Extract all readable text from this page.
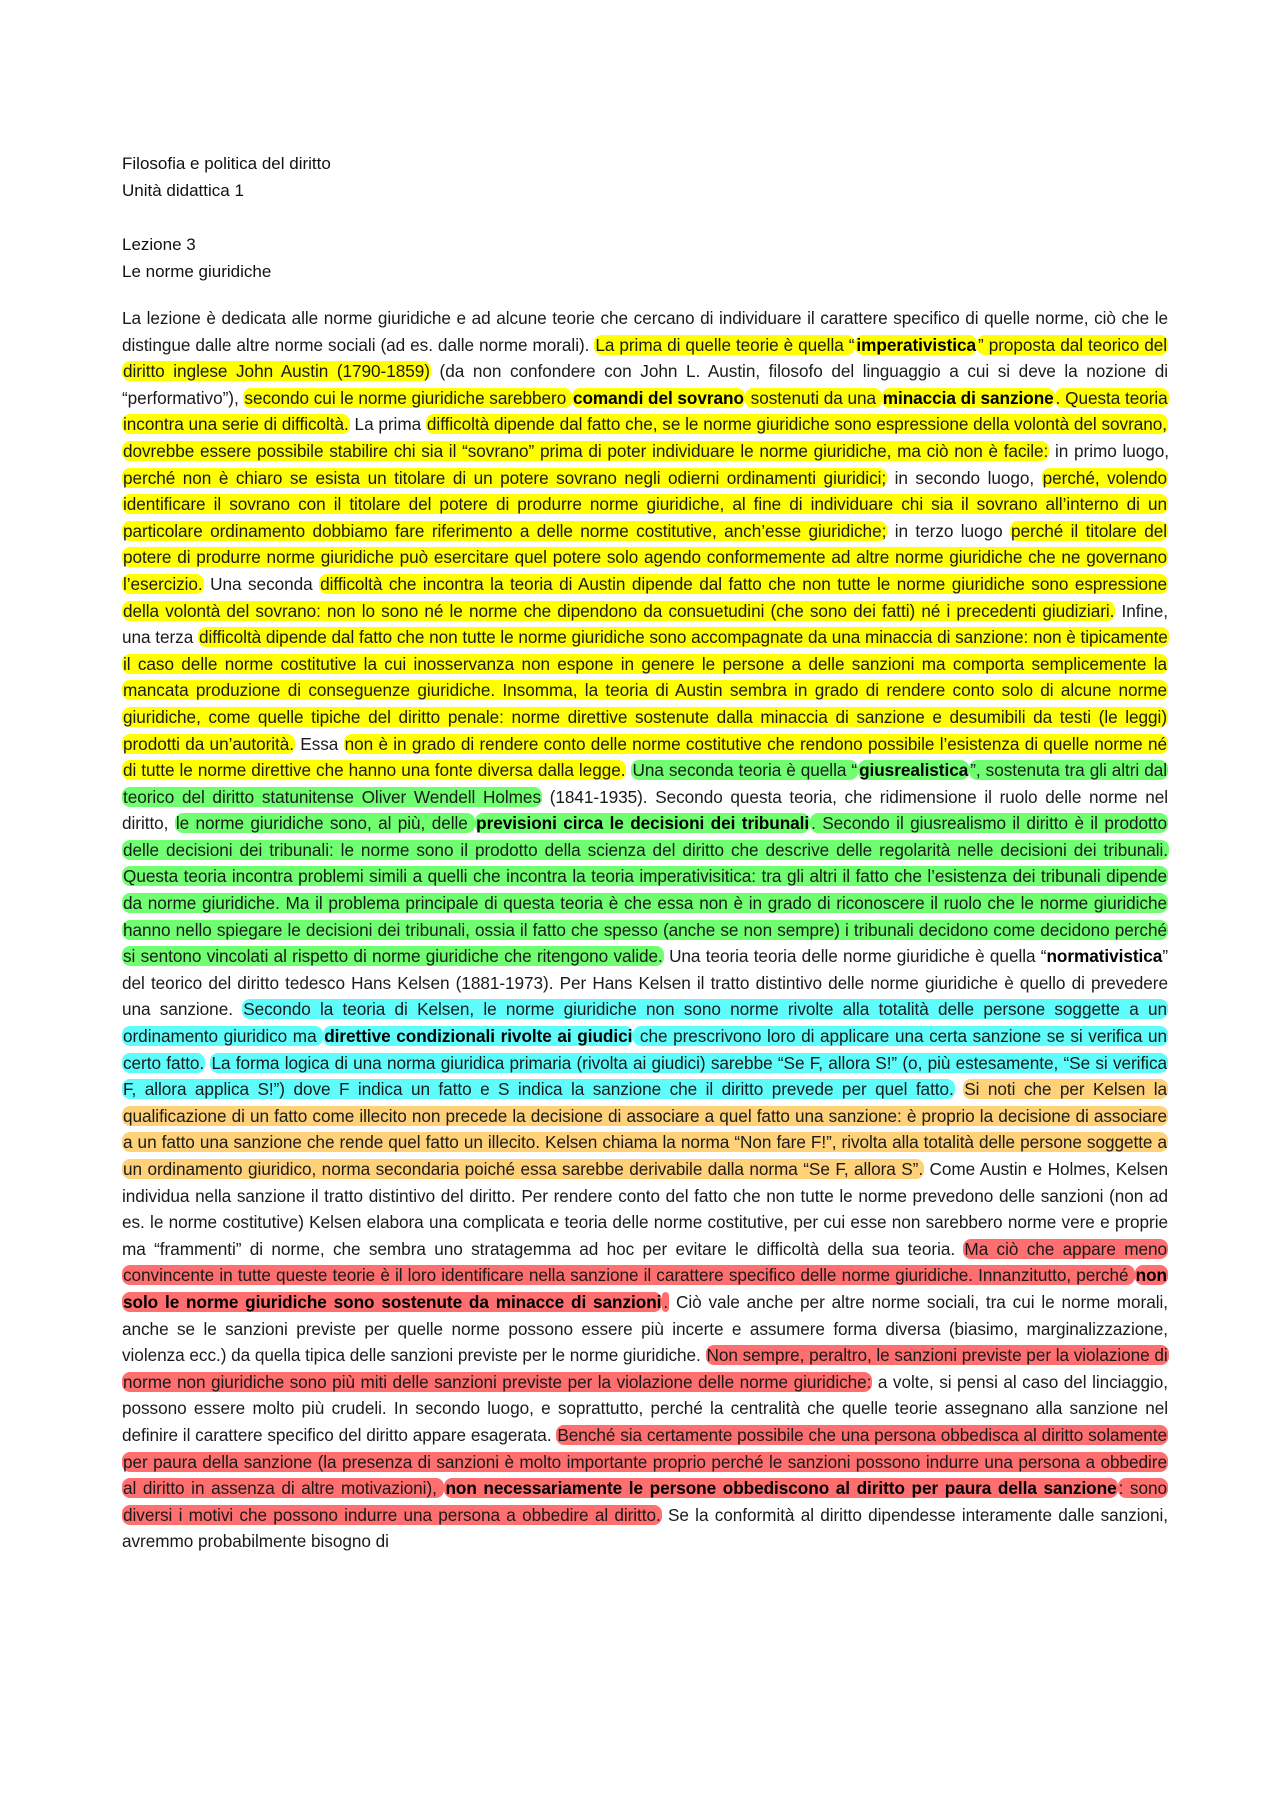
Filosofia e politica del diritto
Unità didattica 1
Lezione 3
Le norme giuridiche
La lezione è dedicata alle norme giuridiche e ad alcune teorie che cercano di individuare il carattere specifico di quelle norme, ciò che le distingue dalle altre norme sociali (ad es. dalle norme morali). La prima di quelle teorie è quella “ imperativistica ” proposta dal teorico del diritto inglese John Austin (1790-1859) (da non confondere con John L. Austin, filosofo del linguaggio a cui si deve la nozione di “performativo”), secondo cui le norme giuridiche sarebbero comandi del sovrano sostenuti da una minaccia di sanzione . Questa teoria incontra una serie di difficoltà. La prima difficoltà dipende dal fatto che, se le norme giuridiche sono espressione della volontà del sovrano, dovrebbe essere possibile stabilire chi sia il “sovrano” prima di poter individuare le norme giuridiche, ma ciò non è facile: in primo luogo, perché non è chiaro se esista un titolare di un potere sovrano negli odierni ordinamenti giuridici; in secondo luogo, perché, volendo identificare il sovrano con il titolare del potere di produrre norme giuridiche, al fine di individuare chi sia il sovrano all’interno di un particolare ordinamento dobbiamo fare riferimento a delle norme costitutive, anch’esse giuridiche; in terzo luogo perché il titolare del potere di produrre norme giuridiche può esercitare quel potere solo agendo conformemente ad altre norme giuridiche che ne governano l’esercizio. Una seconda difficoltà che incontra la teoria di Austin dipende dal fatto che non tutte le norme giuridiche sono espressione della volontà del sovrano: non lo sono né le norme che dipendono da consuetudini (che sono dei fatti) né i precedenti giudiziari. Infine, una terza difficoltà dipende dal fatto che non tutte le norme giuridiche sono accompagnate da una minaccia di sanzione: non è tipicamente il caso delle norme costitutive la cui inosservanza non espone in genere le persone a delle sanzioni ma comporta semplicemente la mancata produzione di conseguenze giuridiche. Insomma, la teoria di Austin sembra in grado di rendere conto solo di alcune norme giuridiche, come quelle tipiche del diritto penale: norme direttive sostenute dalla minaccia di sanzione e desumibili da testi (le leggi) prodotti da un’autorità. Essa non è in grado di rendere conto delle norme costitutive che rendono possibile l’esistenza di quelle norme né di tutte le norme direttive che hanno una fonte diversa dalla legge. Una seconda teoria è quella “ giusrealistica ”, sostenuta tra gli altri dal teorico del diritto statunitense Oliver Wendell Holmes (1841-1935). Secondo questa teoria, che ridimensione il ruolo delle norme nel diritto, le norme giuridiche sono, al più, delle previsioni circa le decisioni dei tribunali . Secondo il giusrealismo il diritto è il prodotto delle decisioni dei tribunali: le norme sono il prodotto della scienza del diritto che descrive delle regolarità nelle decisioni dei tribunali. Questa teoria incontra problemi simili a quelli che incontra la teoria imperativisitica: tra gli altri il fatto che l’esistenza dei tribunali dipende da norme giuridiche. Ma il problema principale di questa teoria è che essa non è in grado di riconoscere il ruolo che le norme giuridiche hanno nello spiegare le decisioni dei tribunali, ossia il fatto che spesso (anche se non sempre) i tribunali decidono come decidono perché si sentono vincolati al rispetto di norme giuridiche che ritengono valide. Una teoria teoria delle norme giuridiche è quella “normativistica” del teorico del diritto tedesco Hans Kelsen (1881-1973). Per Hans Kelsen il tratto distintivo delle norme giuridiche è quello di prevedere una sanzione. Secondo la teoria di Kelsen, le norme giuridiche non sono norme rivolte alla totalità delle persone soggette a un ordinamento giuridico ma direttive condizionali rivolte ai giudici che prescrivono loro di applicare una certa sanzione se si verifica un certo fatto. La forma logica di una norma giuridica primaria (rivolta ai giudici) sarebbe “Se F, allora S!” (o, più estesamente, “Se si verifica F, allora applica S!”) dove F indica un fatto e S indica la sanzione che il diritto prevede per quel fatto. Si noti che per Kelsen la qualificazione di un fatto come illecito non precede la decisione di associare a quel fatto una sanzione: è proprio la decisione di associare a un fatto una sanzione che rende quel fatto un illecito. Kelsen chiama la norma “Non fare F!”, rivolta alla totalità delle persone soggette a un ordinamento giuridico, norma secondaria poiché essa sarebbe derivabile dalla norma “Se F, allora S”. Come Austin e Holmes, Kelsen individua nella sanzione il tratto distintivo del diritto. Per rendere conto del fatto che non tutte le norme prevedono delle sanzioni (non ad es. le norme costitutive) Kelsen elabora una complicata e teoria delle norme costitutive, per cui esse non sarebbero norme vere e proprie ma “frammenti” di norme, che sembra uno stratagemma ad hoc per evitare le difficoltà della sua teoria. Ma ciò che appare meno convincente in tutte queste teorie è il loro identificare nella sanzione il carattere specifico delle norme giuridiche. Innanzitutto, perché non solo le norme giuridiche sono sostenute da minacce di sanzioni . Ciò vale anche per altre norme sociali, tra cui le norme morali, anche se le sanzioni previste per quelle norme possono essere più incerte e assumere forma diversa (biasimo, marginalizzazione, violenza ecc.) da quella tipica delle sanzioni previste per le norme giuridiche. Non sempre, peraltro, le sanzioni previste per la violazione di norme non giuridiche sono più miti delle sanzioni previste per la violazione delle norme giuridiche: a volte, si pensi al caso del linciaggio, possono essere molto più crudeli. In secondo luogo, e soprattutto, perché la centralità che quelle teorie assegnano alla sanzione nel definire il carattere specifico del diritto appare esagerata. Benché sia certamente possibile che una persona obbedisca al diritto solamente per paura della sanzione (la presenza di sanzioni è molto importante proprio perché le sanzioni possono indurre una persona a obbedire al diritto in assenza di altre motivazioni), non necessariamente le persone obbediscono al diritto per paura della sanzione : sono diversi i motivi che possono indurre una persona a obbedire al diritto. Se la conformità al diritto dipendesse interamente dalle sanzioni, avremmo probabilmente bisogno di
